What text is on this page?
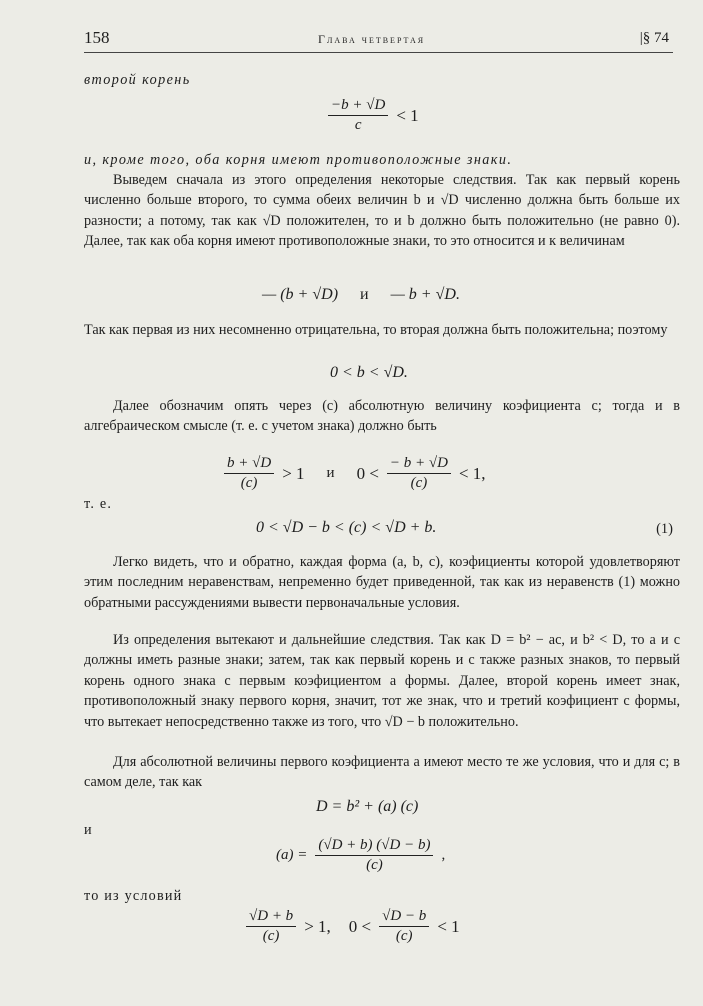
158	Глава четвертая	|§ 74

второй корень

$\frac{-b + √D}{c} < 1$

и, кроме того, оба корня имеют противоположные знаки.

Выведем сначала из этого определения некоторые следствия. Так как первый корень численно больше второго, то сумма обеих величин b и √D численно должна быть больше их разности; а потому, так как √D положителен, то и b должно быть положительно (не равно 0). Далее, так как оба корня имеют противоположные знаки, то это относится и к величинам

— (b + √D) и — b + √D.

Так как первая из них несомненно отрицательна, то вторая должна быть положительна; поэтому

0 < b < √D.

Далее обозначим опять через (c) абсолютную величину коэфициента c; тогда и в алгебраическом смысле (т. е. с учетом знака) должно быть

$\frac{b + √D}{(c)} > 1$ и $0 < \frac{- b + √D}{(c)} < 1$,
т. е.
0 < √D − b < (c) < √D + b.	(1)

Легко видеть, что и обратно, каждая форма (a, b, c), коэфициенты которой удовлетворяют этим последним неравенствам, непременно будет приведенной, так как из неравенств (1) можно обратными рассуждениями вывести первоначальные условия.

Из определения вытекают и дальнейшие следствия. Так как D = b² − ac, и b² < D, то a и c должны иметь разные знаки; затем, так как первый корень и c также разных знаков, то первый корень одного знака с первым коэфициентом a формы. Далее, второй корень имеет знак, противоположный знаку первого корня, значит, тот же знак, что и третий коэфициент c формы, что вытекает непосредственно также из того, что √D − b положительно.

Для абсолютной величины первого коэфициента a имеют место те же условия, что и для c; в самом деле, так как

D = b² + (a) (c)
и
$(a) = \frac{(√D + b) (√D - b)}{(c)}$ ,
то из условий
$\frac{√D + b}{(c)} > 1$, $0 < \frac{√D - b}{(c)} < 1$
